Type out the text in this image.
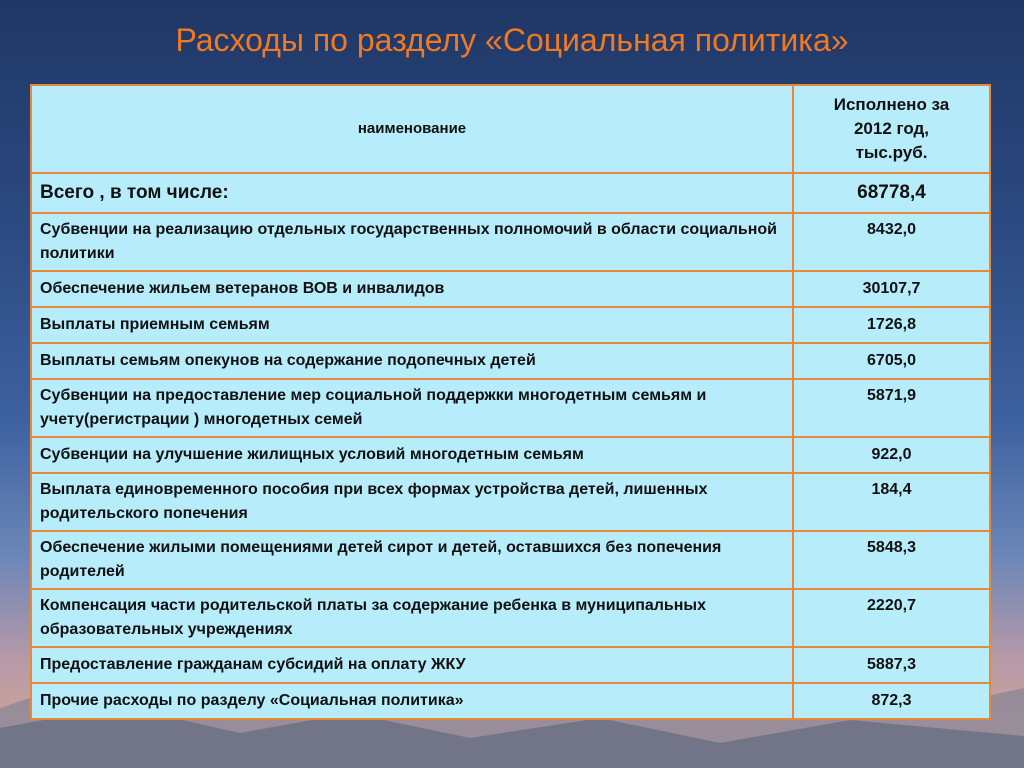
Расходы по разделу «Социальная политика»
наименование	Исполнено за
2012 год,
тыс.руб.
Всего , в том числе:	68778,4
Субвенции на реализацию отдельных государственных полномочий в области социальной политики	8432,0
Обеспечение жильем ветеранов ВОВ и инвалидов	30107,7
Выплаты приемным семьям	1726,8
Выплаты семьям опекунов на содержание подопечных детей	6705,0
Субвенции на предоставление мер социальной поддержки многодетным семьям и учету(регистрации ) многодетных семей	5871,9
Субвенции на улучшение жилищных условий многодетным семьям	922,0
Выплата единовременного пособия при всех формах устройства детей, лишенных родительского попечения	184,4
Обеспечение жилыми помещениями детей сирот и детей, оставшихся без попечения родителей	5848,3
Компенсация части родительской платы за содержание ребенка в муниципальных образовательных учреждениях	2220,7
Предоставление гражданам субсидий на оплату ЖКУ	5887,3
Прочие расходы по разделу «Социальная политика»	872,3
